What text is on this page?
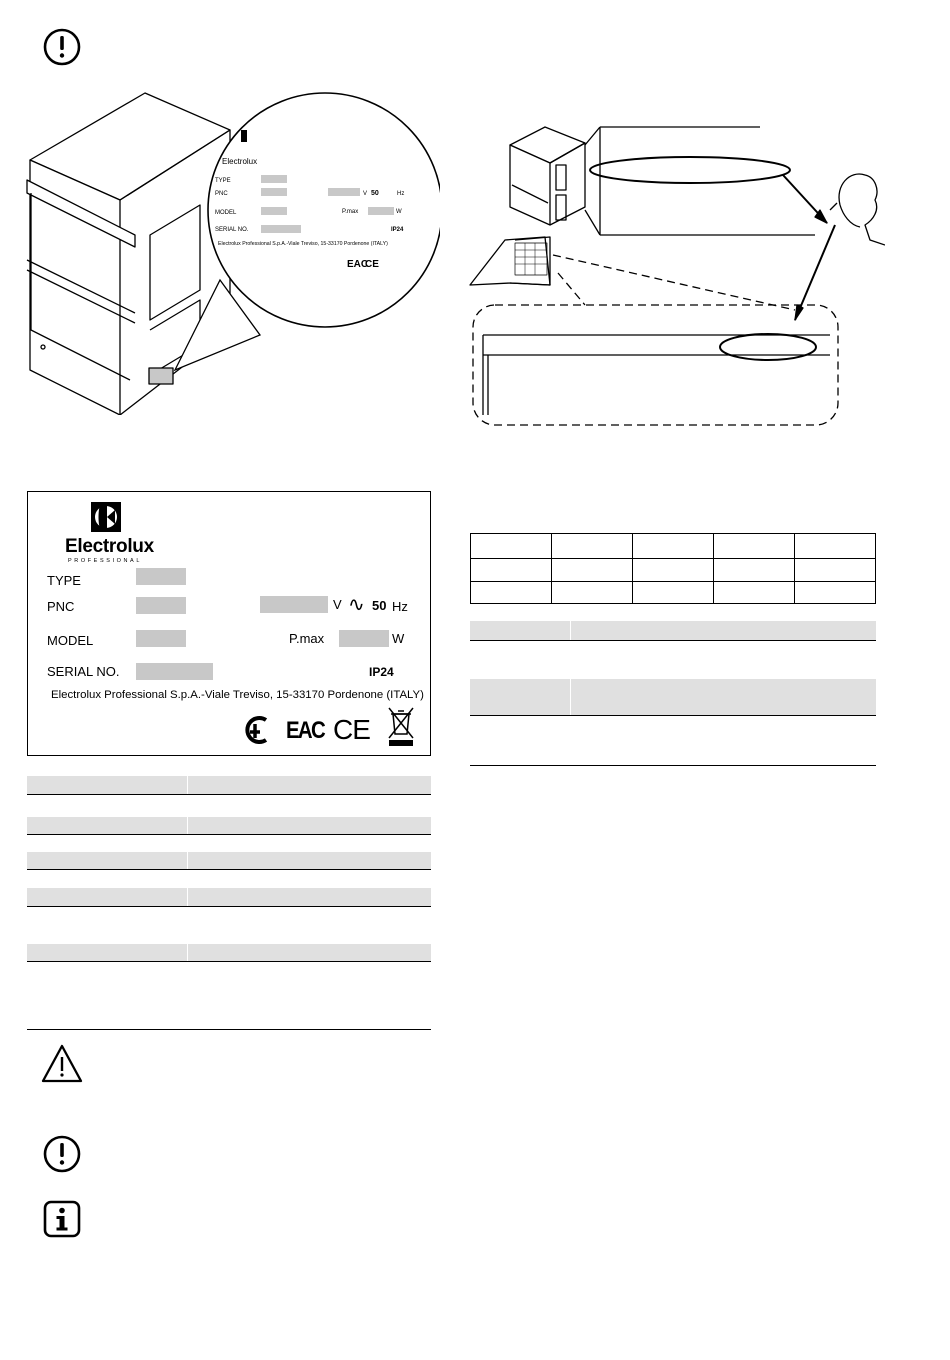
Electrolux
TYPE
PNC	V 50	Hz
MODEL	P.max	W
SERIAL NO.	IP24
Electrolux Professional S.p.A.-Viale Treviso, 15-33170 Pordenone (ITALY)
EAC
CE
Electrolux
PROFESSIONAL
TYPE
PNC	V ∿ 50 Hz
MODEL	P.max	W
SERIAL NO.	IP24
Electrolux Professional S.p.A.-Viale Treviso, 15-33170 Pordenone (ITALY)
EAC CE
